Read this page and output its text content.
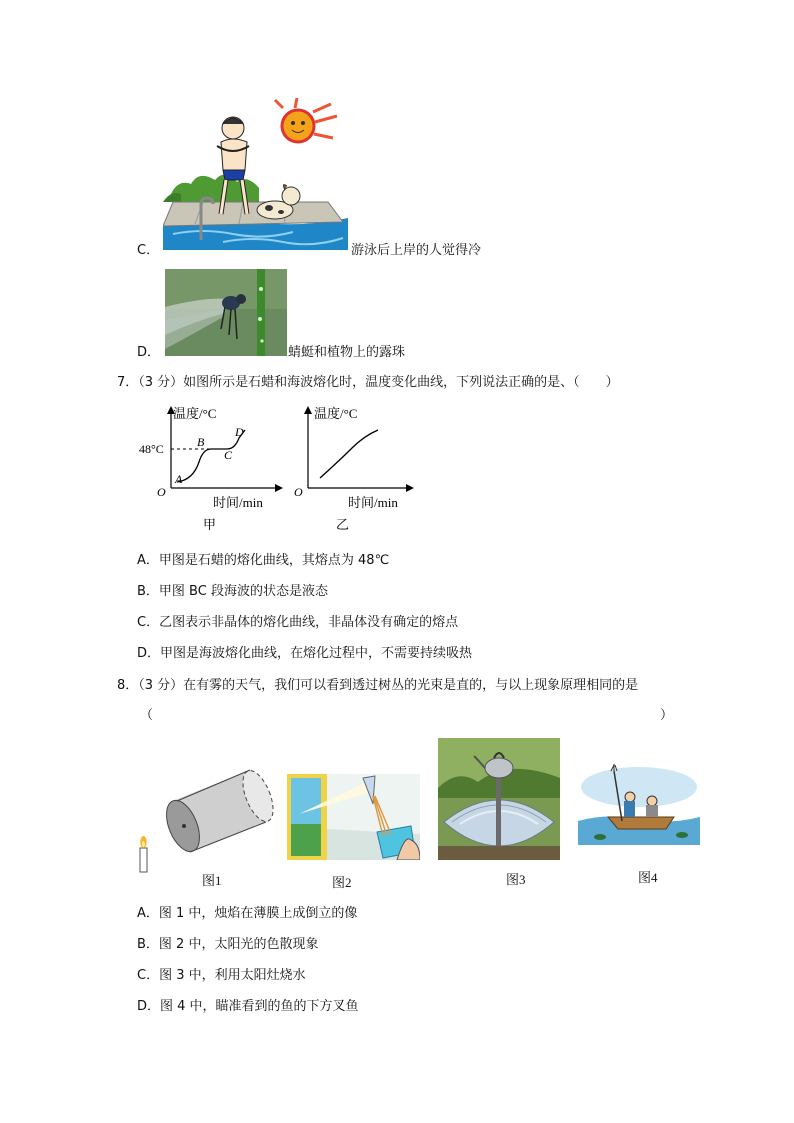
C．	游泳后上岸的人觉得冷
D．	蜻蜓和植物上的露珠
7．（3 分）如图所示是石蜡和海波熔化时，温度变化曲线，下列说法正确的是、（　　）
温度/°C
48°C
A
B
C
D
O
时间/min
甲
温度/°C
O
时间/min
乙
A．甲图是石蜡的熔化曲线，其熔点为 48℃
B．甲图 BC 段海波的状态是液态
C．乙图表示非晶体的熔化曲线，非晶体没有确定的熔点
D．甲图是海波熔化曲线，在熔化过程中，不需要持续吸热
8．（3 分）在有雾的天气，我们可以看到透过树丛的光束是直的，与以上现象原理相同的是
（	）
图1	图2	图3	图4
A．图 1 中，烛焰在薄膜上成倒立的像
B．图 2 中，太阳光的色散现象
C．图 3 中，利用太阳灶烧水
D．图 4 中，瞄准看到的鱼的下方叉鱼
